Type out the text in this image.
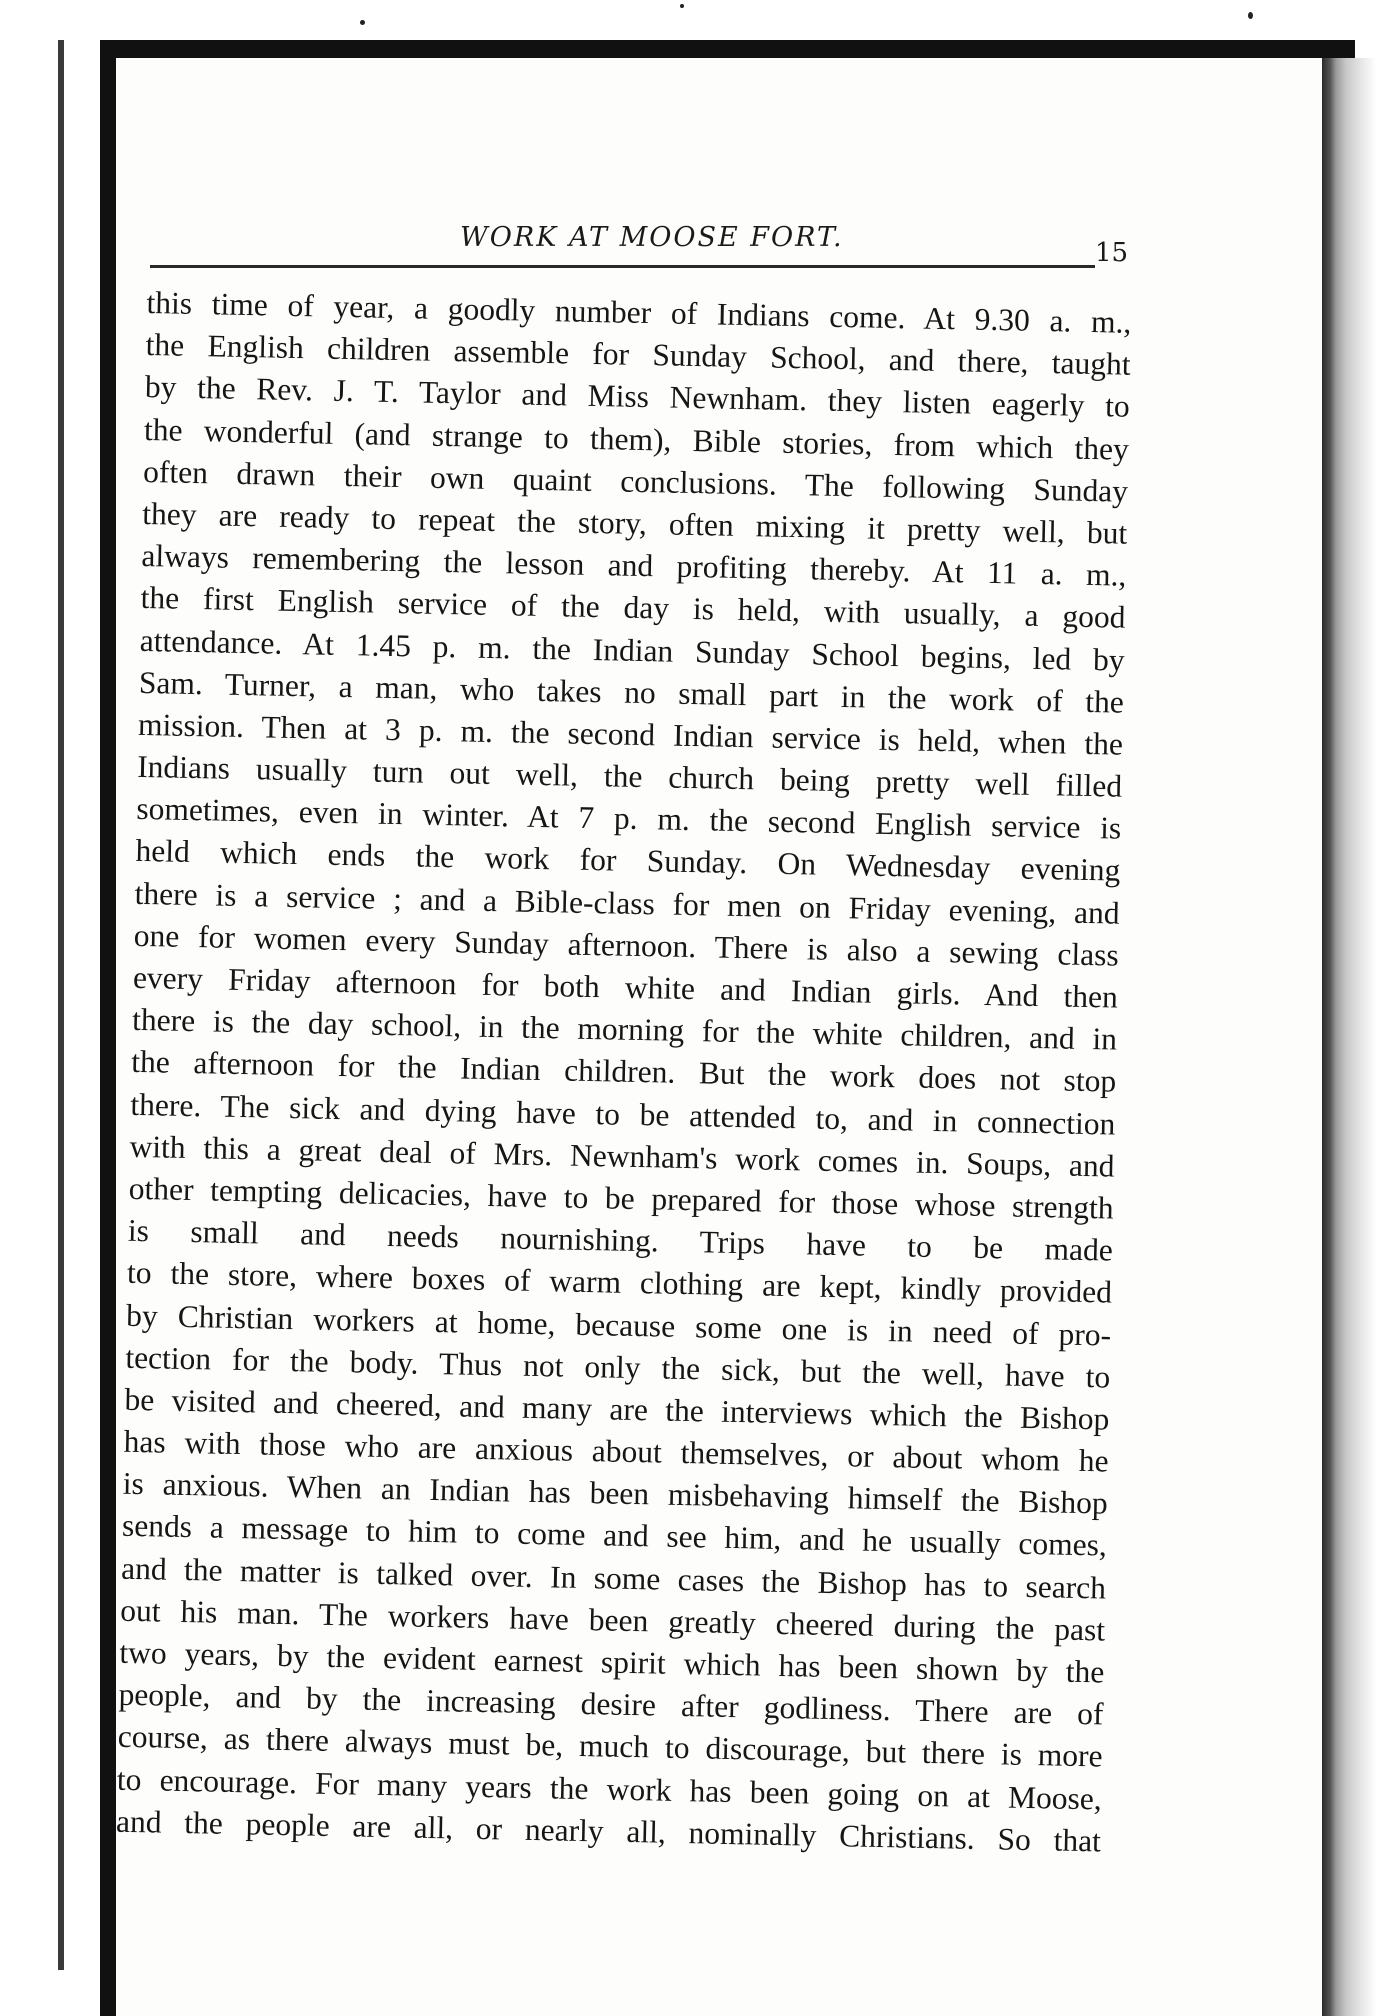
WORK AT MOOSE FORT.	15
this time of year, a goodly number of Indians come. At 9.30 a. m.,
the English children assemble for Sunday School, and there, taught
by the Rev. J. T. Taylor and Miss Newnham. they listen eagerly to
the wonderful (and strange to them), Bible stories, from which they
often drawn their own quaint conclusions. The following Sunday
they are ready to repeat the story, often mixing it pretty well, but
always remembering the lesson and profiting thereby. At 11 a. m.,
the first English service of the day is held, with usually, a good
attendance. At 1.45 p. m. the Indian Sunday School begins, led by
Sam. Turner, a man, who takes no small part in the work of the
mission. Then at 3 p. m. the second Indian service is held, when the
Indians usually turn out well, the church being pretty well filled
sometimes, even in winter. At 7 p. m. the second English service is
held which ends the work for Sunday. On Wednesday evening
there is a service ; and a Bible-class for men on Friday evening, and
one for women every Sunday afternoon. There is also a sewing class
every Friday afternoon for both white and Indian girls. And then
there is the day school, in the morning for the white children, and in
the afternoon for the Indian children. But the work does not stop
there. The sick and dying have to be attended to, and in connection
with this a great deal of Mrs. Newnham's work comes in. Soups, and
other tempting delicacies, have to be prepared for those whose strength
is small and needs nournishing. Trips have to be made
to the store, where boxes of warm clothing are kept, kindly provided
by Christian workers at home, because some one is in need of pro-
tection for the body. Thus not only the sick, but the well, have to
be visited and cheered, and many are the interviews which the Bishop
has with those who are anxious about themselves, or about whom he
is anxious. When an Indian has been misbehaving himself the Bishop
sends a message to him to come and see him, and he usually comes,
and the matter is talked over. In some cases the Bishop has to search
out his man. The workers have been greatly cheered during the past
two years, by the evident earnest spirit which has been shown by the
people, and by the increasing desire after godliness. There are of
course, as there always must be, much to discourage, but there is more
to encourage. For many years the work has been going on at Moose,
and the people are all, or nearly all, nominally Christians. So that
